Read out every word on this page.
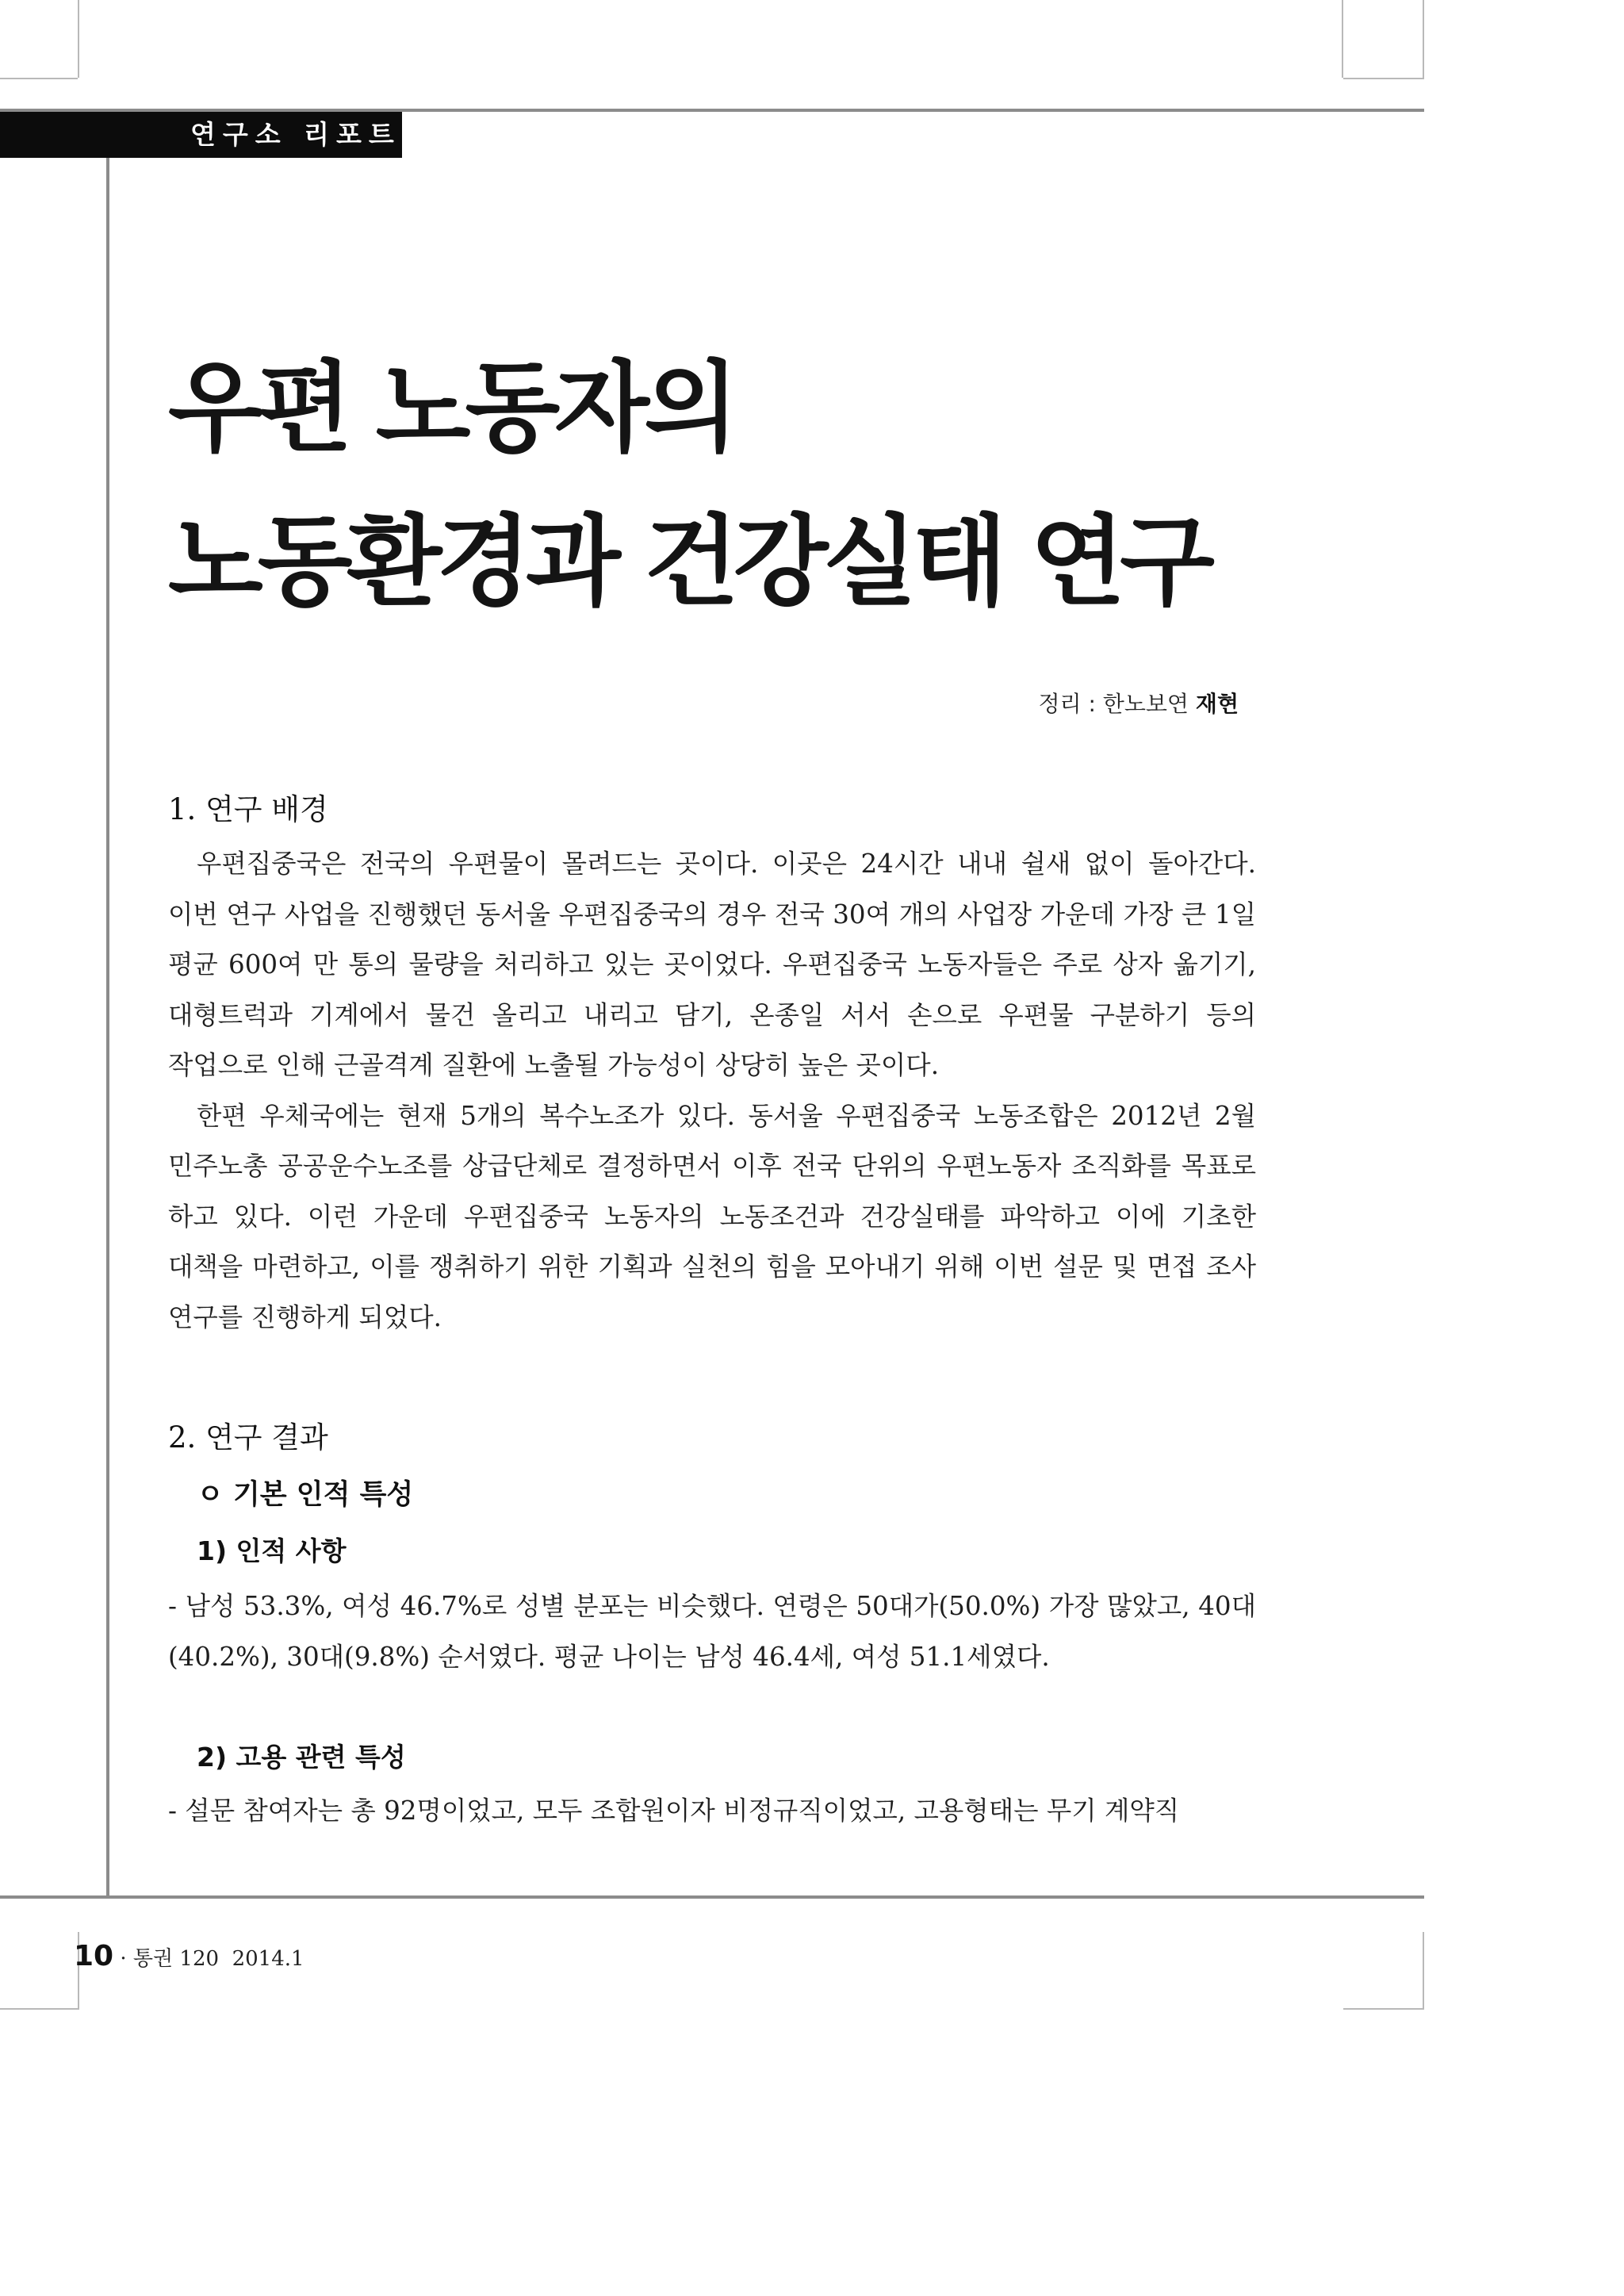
연구소 리포트
우편 노동자의
노동환경과 건강실태 연구
정리 : 한노보연 재현
1. 연구 배경

우편집중국은 전국의 우편물이 몰려드는 곳이다. 이곳은 24시간 내내 쉴새 없이 돌아간다. 이번 연구 사업을 진행했던 동서울 우편집중국의 경우 전국 30여 개의 사업장 가운데 가장 큰 1일 평균 600여 만 통의 물량을 처리하고 있는 곳이었다. 우편집중국 노동자들은 주로 상자 옮기기, 대형트럭과 기계에서 물건 올리고 내리고 담기, 온종일 서서 손으로 우편물 구분하기 등의 작업으로 인해 근골격계 질환에 노출될 가능성이 상당히 높은 곳이다.

한편 우체국에는 현재 5개의 복수노조가 있다. 동서울 우편집중국 노동조합은 2012년 2월 민주노총 공공운수노조를 상급단체로 결정하면서 이후 전국 단위의 우편노동자 조직화를 목표로 하고 있다. 이런 가운데 우편집중국 노동자의 노동조건과 건강실태를 파악하고 이에 기초한 대책을 마련하고, 이를 쟁취하기 위한 기획과 실천의 힘을 모아내기 위해 이번 설문 및 면접 조사 연구를 진행하게 되었다.

2. 연구 결과
ㅇ 기본 인적 특성
1) 인적 사항

- 남성 53.3%, 여성 46.7%로 성별 분포는 비슷했다. 연령은 50대가(50.0%) 가장 많았고, 40대(40.2%), 30대(9.8%) 순서였다. 평균 나이는 남성 46.4세, 여성 51.1세였다.

2) 고용 관련 특성

- 설문 참여자는 총 92명이었고, 모두 조합원이자 비정규직이었고, 고용형태는 무기 계약직

10 · 통권 120 2014.1
